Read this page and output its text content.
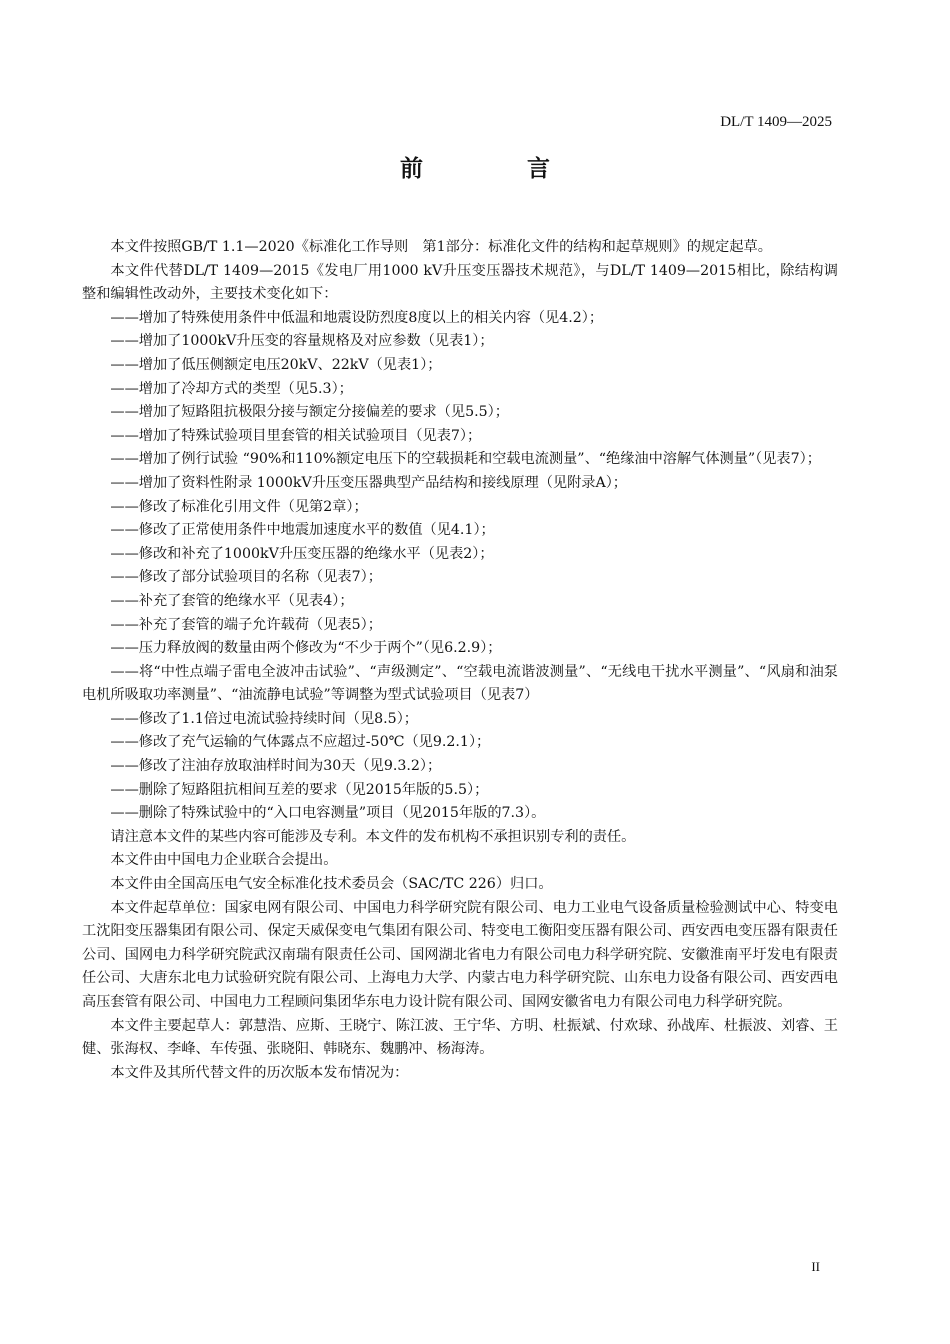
DL/T 1409—2025
前 言

本文件按照GB/T 1.1—2020《标准化工作导则　第1部分：标准化文件的结构和起草规则》的规定起草。

本文件代替DL/T 1409—2015《发电厂用1000 kV升压变压器技术规范》，与DL/T 1409—2015相比，除结构调整和编辑性改动外，主要技术变化如下：

——增加了特殊使用条件中低温和地震设防烈度8度以上的相关内容（见4.2）；

——增加了1000kV升压变的容量规格及对应参数（见表1）；

——增加了低压侧额定电压20kV、22kV（见表1）；

——增加了冷却方式的类型（见5.3）；

——增加了短路阻抗极限分接与额定分接偏差的要求（见5.5）；

——增加了特殊试验项目里套管的相关试验项目（见表7）；

——增加了例行试验 “90%和110%额定电压下的空载损耗和空载电流测量”、“绝缘油中溶解气体测量”（见表7）；

——增加了资料性附录 1000kV升压变压器典型产品结构和接线原理（见附录A）；

——修改了标准化引用文件（见第2章）；

——修改了正常使用条件中地震加速度水平的数值（见4.1）；

——修改和补充了1000kV升压变压器的绝缘水平（见表2）；

——修改了部分试验项目的名称（见表7）；

——补充了套管的绝缘水平（见表4）；

——补充了套管的端子允许载荷（见表5）；

——压力释放阀的数量由两个修改为“不少于两个”（见6.2.9）；

——将“中性点端子雷电全波冲击试验”、“声级测定”、“空载电流谐波测量”、“无线电干扰水平测量”、“风扇和油泵电机所吸取功率测量”、“油流静电试验”等调整为型式试验项目（见表7）

——修改了1.1倍过电流试验持续时间（见8.5）；

——修改了充气运输的气体露点不应超过-50℃（见9.2.1）；

——修改了注油存放取油样时间为30天（见9.3.2）；

——删除了短路阻抗相间互差的要求（见2015年版的5.5）；

——删除了特殊试验中的“入口电容测量”项目（见2015年版的7.3）。

请注意本文件的某些内容可能涉及专利。本文件的发布机构不承担识别专利的责任。

本文件由中国电力企业联合会提出。

本文件由全国高压电气安全标准化技术委员会（SAC/TC 226）归口。

本文件起草单位：国家电网有限公司、中国电力科学研究院有限公司、电力工业电气设备质量检验测试中心、特变电工沈阳变压器集团有限公司、保定天威保变电气集团有限公司、特变电工衡阳变压器有限公司、西安西电变压器有限责任公司、国网电力科学研究院武汉南瑞有限责任公司、国网湖北省电力有限公司电力科学研究院、安徽淮南平圩发电有限责任公司、大唐东北电力试验研究院有限公司、上海电力大学、内蒙古电力科学研究院、山东电力设备有限公司、西安西电高压套管有限公司、中国电力工程顾问集团华东电力设计院有限公司、国网安徽省电力有限公司电力科学研究院。

本文件主要起草人：郭慧浩、应斯、王晓宁、陈江波、王宁华、方明、杜振斌、付欢球、孙战库、杜振波、刘睿、王健、张海权、李峰、车传强、张晓阳、韩晓东、魏鹏冲、杨海涛。

本文件及其所代替文件的历次版本发布情况为：

II
